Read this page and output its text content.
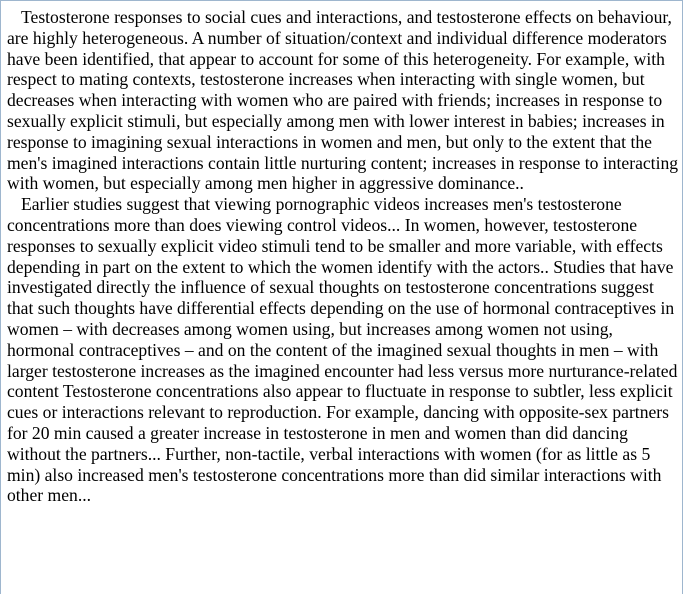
Testosterone responses to social cues and interactions, and testosterone effects on behaviour, are highly heterogeneous. A number of situation/context and individual difference moderators have been identified, that appear to account for some of this heterogeneity. For example, with respect to mating contexts, testosterone increases when interacting with single women, but decreases when interacting with women who are paired with friends; increases in response to sexually explicit stimuli, but especially among men with lower interest in babies; increases in response to imagining sexual interactions in women and men, but only to the extent that the men's imagined interactions contain little nurturing content; increases in response to interacting with women, but especially among men higher in aggressive dominance..

Earlier studies suggest that viewing pornographic videos increases men's testosterone concentrations more than does viewing control videos... In women, however, testosterone responses to sexually explicit video stimuli tend to be smaller and more variable, with effects depending in part on the extent to which the women identify with the actors.. Studies that have investigated directly the influence of sexual thoughts on testosterone concentrations suggest that such thoughts have differential effects depending on the use of hormonal contraceptives in women – with decreases among women using, but increases among women not using, hormonal contraceptives – and on the content of the imagined sexual thoughts in men – with larger testosterone increases as the imagined encounter had less versus more nurturance-related content Testosterone concentrations also appear to fluctuate in response to subtler, less explicit cues or interactions relevant to reproduction. For example, dancing with opposite-sex partners for 20 min caused a greater increase in testosterone in men and women than did dancing without the partners... Further, non-tactile, verbal interactions with women (for as little as 5 min) also increased men's testosterone concentrations more than did similar interactions with other men...
